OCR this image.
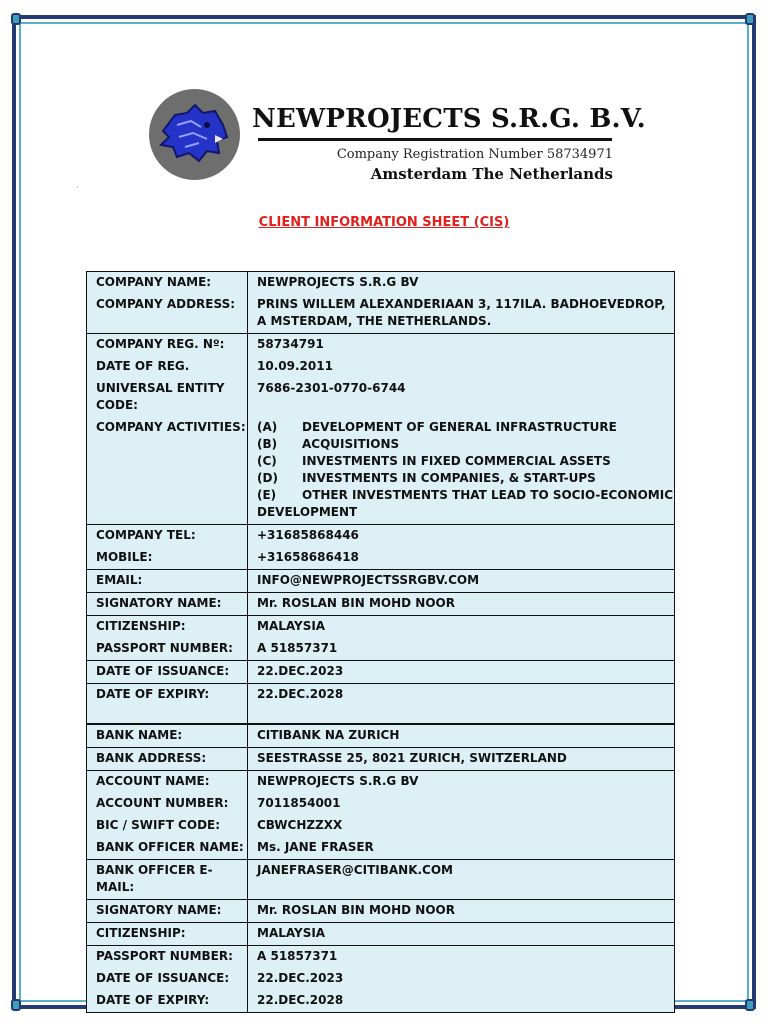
NEWPROJECTS S.R.G. B.V.
Company Registration Number 58734971
Amsterdam The Netherlands
·
CLIENT INFORMATION SHEET (CIS)
COMPANY NAME:	NEWPROJECTS S.R.G BV
COMPANY ADDRESS:	PRINS WILLEM ALEXANDERIAAN 3, 117ILA. BADHOEVEDROP, A MSTERDAM, THE NETHERLANDS.
COMPANY REG. Nº:	58734791
DATE OF REG.	10.09.2011
UNIVERSAL ENTITY CODE:	7686-2301-0770-6744
COMPANY ACTIVITIES:	(A) DEVELOPMENT OF GENERAL INFRASTRUCTURE
(B) ACQUISITIONS
(C) INVESTMENTS IN FIXED COMMERCIAL ASSETS
(D) INVESTMENTS IN COMPANIES, & START-UPS
(E) OTHER INVESTMENTS THAT LEAD TO SOCIO-ECONOMIC DEVELOPMENT

COMPANY TEL:	+31685868446
MOBILE:	+31658686418
EMAIL:	INFO@NEWPROJECTSSRGBV.COM
SIGNATORY NAME:	Mr. ROSLAN BIN MOHD NOOR
CITIZENSHIP:	MALAYSIA
PASSPORT NUMBER:	A 51857371
DATE OF ISSUANCE:	22.DEC.2023
DATE OF EXPIRY:	22.DEC.2028
BANK NAME:	CITIBANK NA ZURICH
BANK ADDRESS:	SEESTRASSE 25, 8021 ZURICH, SWITZERLAND
ACCOUNT NAME:	NEWPROJECTS S.R.G BV
ACCOUNT NUMBER:	7011854001
BIC / SWIFT CODE:	CBWCHZZXX
BANK OFFICER NAME:	Ms. JANE FRASER
BANK OFFICER E-MAIL:	JANEFRASER@CITIBANK.COM
SIGNATORY NAME:	Mr. ROSLAN BIN MOHD NOOR
CITIZENSHIP:	MALAYSIA
PASSPORT NUMBER:	A 51857371
DATE OF ISSUANCE:	22.DEC.2023
DATE OF EXPIRY:	22.DEC.2028
